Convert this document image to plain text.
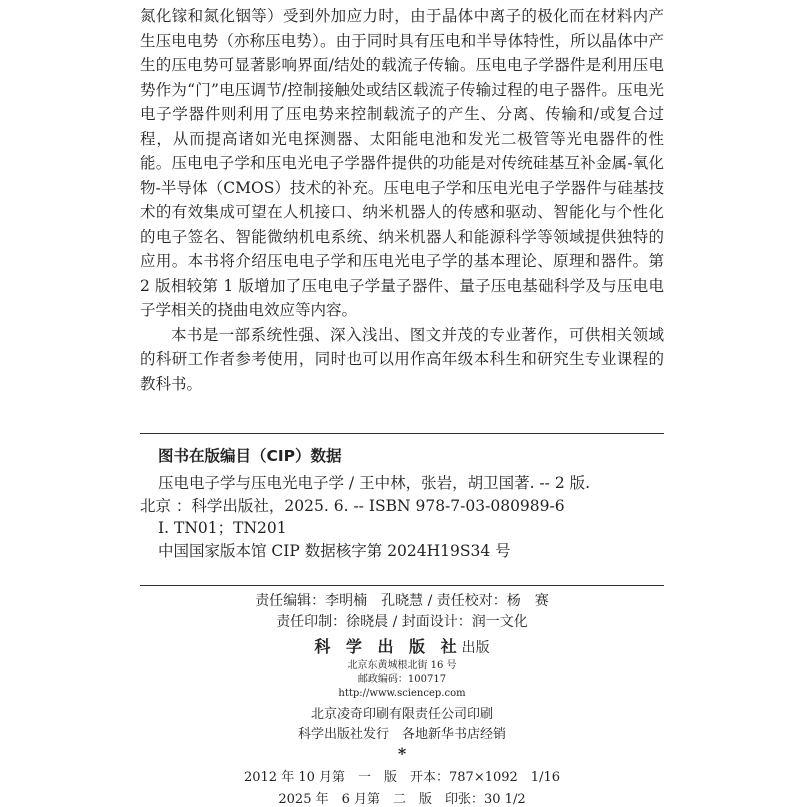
氮化镓和氮化铟等）受到外加应力时，由于晶体中离子的极化而在材料内产生压电电势（亦称压电势）。由于同时具有压电和半导体特性，所以晶体中产生的压电势可显著影响界面/结处的载流子传输。压电电子学器件是利用压电势作为“门”电压调节/控制接触处或结区载流子传输过程的电子器件。压电光电子学器件则利用了压电势来控制载流子的产生、分离、传输和/或复合过程，从而提高诸如光电探测器、太阳能电池和发光二极管等光电器件的性能。压电电子学和压电光电子学器件提供的功能是对传统硅基互补金属-氧化物-半导体（CMOS）技术的补充。压电电子学和压电光电子学器件与硅基技术的有效集成可望在人机接口、纳米机器人的传感和驱动、智能化与个性化的电子签名、智能微纳机电系统、纳米机器人和能源科学等领域提供独特的应用。本书将介绍压电电子学和压电光电子学的基本理论、原理和器件。第 2 版相较第 1 版增加了压电电子学量子器件、量子压电基础科学及与压电电子学相关的挠曲电效应等内容。

本书是一部系统性强、深入浅出、图文并茂的专业著作，可供相关领域的科研工作者参考使用，同时也可以用作高年级本科生和研究生专业课程的教科书。

图书在版编目（CIP）数据
压电电子学与压电光电子学 / 王中林，张岩，胡卫国著. -- 2 版.
北京 ：科学出版社，2025. 6. -- ISBN 978-7-03-080989-6
Ⅰ. TN01；TN201
中国国家版本馆 CIP 数据核字第 2024H19S34 号
责任编辑：李明楠　孔晓慧 / 责任校对：杨　赛
责任印制：徐晓晨 / 封面设计：润一文化
科 学 出 版 社出版
北京东黄城根北街 16 号
邮政编码：100717
http://www.sciencep.com
北京凌奇印刷有限责任公司印刷
科学出版社发行　各地新华书店经销
*
2012 年 10 月第　一　版　开本：787×1092　1/16
2025 年　6 月第　二　版　印张：30 1/2
